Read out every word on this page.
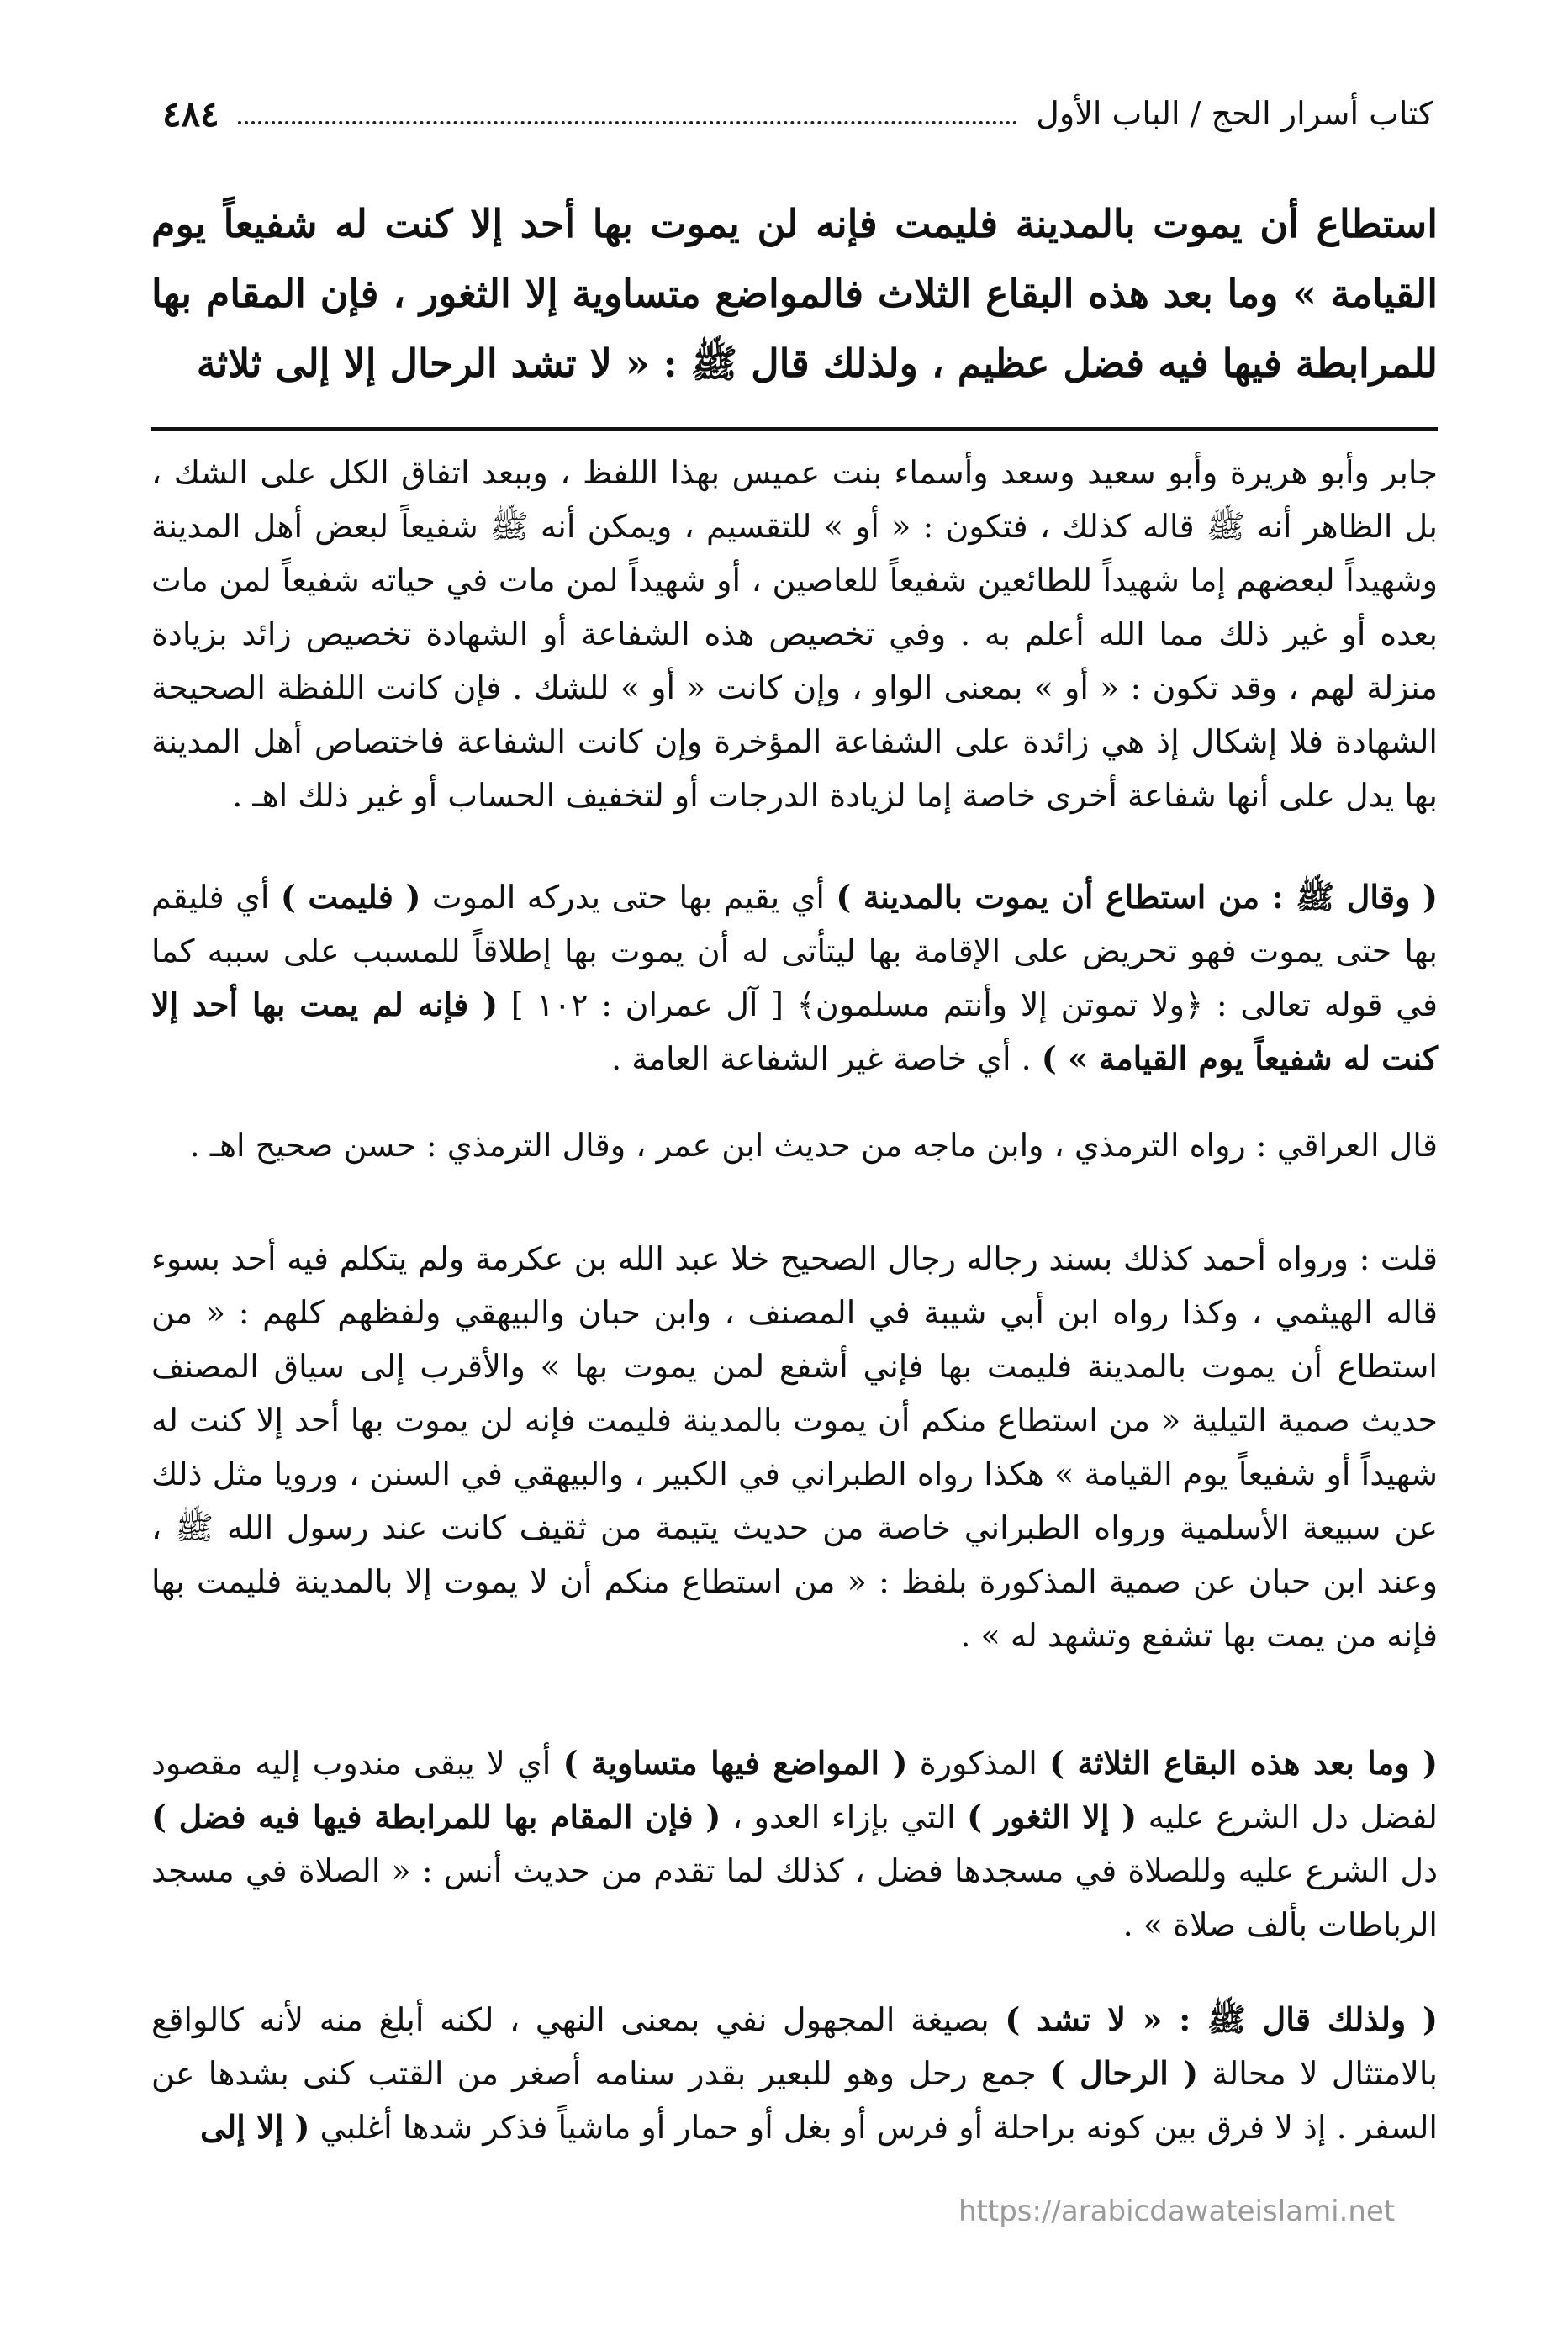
٤٨٤	كتاب أسرار الحج / الباب الأول
استطاع أن يموت بالمدينة فليمت فإنه لن يموت بها أحد إلا كنت له شفيعاً يوم القيامة » وما بعد هذه البقاع الثلاث فالمواضع متساوية إلا الثغور ، فإن المقام بها للمرابطة فيها فيه فضل عظيم ، ولذلك قال ﷺ : « لا تشد الرحال إلا إلى ثلاثة

جابر وأبو هريرة وأبو سعيد وسعد وأسماء بنت عميس بهذا اللفظ ، وببعد اتفاق الكل على الشك ، بل الظاهر أنه ﷺ قاله كذلك ، فتكون : « أو » للتقسيم ، ويمكن أنه ﷺ شفيعاً لبعض أهل المدينة وشهيداً لبعضهم إما شهيداً للطائعين شفيعاً للعاصين ، أو شهيداً لمن مات في حياته شفيعاً لمن مات بعده أو غير ذلك مما الله أعلم به . وفي تخصيص هذه الشفاعة أو الشهادة تخصيص زائد بزيادة منزلة لهم ، وقد تكون : « أو » بمعنى الواو ، وإن كانت « أو » للشك . فإن كانت اللفظة الصحيحة الشهادة فلا إشكال إذ هي زائدة على الشفاعة المؤخرة وإن كانت الشفاعة فاختصاص أهل المدينة بها يدل على أنها شفاعة أخرى خاصة إما لزيادة الدرجات أو لتخفيف الحساب أو غير ذلك اهـ .

( وقال ﷺ : من استطاع أن يموت بالمدينة ) أي يقيم بها حتى يدركه الموت ( فليمت ) أي فليقم بها حتى يموت فهو تحريض على الإقامة بها ليتأتى له أن يموت بها إطلاقاً للمسبب على سببه كما في قوله تعالى : ﴿ولا تموتن إلا وأنتم مسلمون﴾ [ آل عمران : ١٠٢ ] ( فإنه لم يمت بها أحد إلا كنت له شفيعاً يوم القيامة » ) . أي خاصة غير الشفاعة العامة .

قال العراقي : رواه الترمذي ، وابن ماجه من حديث ابن عمر ، وقال الترمذي : حسن صحيح اهـ .

قلت : ورواه أحمد كذلك بسند رجاله رجال الصحيح خلا عبد الله بن عكرمة ولم يتكلم فيه أحد بسوء قاله الهيثمي ، وكذا رواه ابن أبي شيبة في المصنف ، وابن حبان والبيهقي ولفظهم كلهم : « من استطاع أن يموت بالمدينة فليمت بها فإني أشفع لمن يموت بها » والأقرب إلى سياق المصنف حديث صمية التيلية « من استطاع منكم أن يموت بالمدينة فليمت فإنه لن يموت بها أحد إلا كنت له شهيداً أو شفيعاً يوم القيامة » هكذا رواه الطبراني في الكبير ، والبيهقي في السنن ، ورويا مثل ذلك عن سبيعة الأسلمية ورواه الطبراني خاصة من حديث يتيمة من ثقيف كانت عند رسول الله ﷺ ، وعند ابن حبان عن صمية المذكورة بلفظ : « من استطاع منكم أن لا يموت إلا بالمدينة فليمت بها فإنه من يمت بها تشفع وتشهد له » .

( وما بعد هذه البقاع الثلاثة ) المذكورة ( المواضع فيها متساوية ) أي لا يبقى مندوب إليه مقصود لفضل دل الشرع عليه ( إلا الثغور ) التي بإزاء العدو ، ( فإن المقام بها للمرابطة فيها فيه فضل ) دل الشرع عليه وللصلاة في مسجدها فضل ، كذلك لما تقدم من حديث أنس : « الصلاة في مسجد الرباطات بألف صلاة » .

( ولذلك قال ﷺ : « لا تشد ) بصيغة المجهول نفي بمعنى النهي ، لكنه أبلغ منه لأنه كالواقع بالامتثال لا محالة ( الرحال ) جمع رحل وهو للبعير بقدر سنامه أصغر من القتب كنى بشدها عن السفر . إذ لا فرق بين كونه براحلة أو فرس أو بغل أو حمار أو ماشياً فذكر شدها أغلبي ( إلا إلى

https://arabicdawateislami.net
